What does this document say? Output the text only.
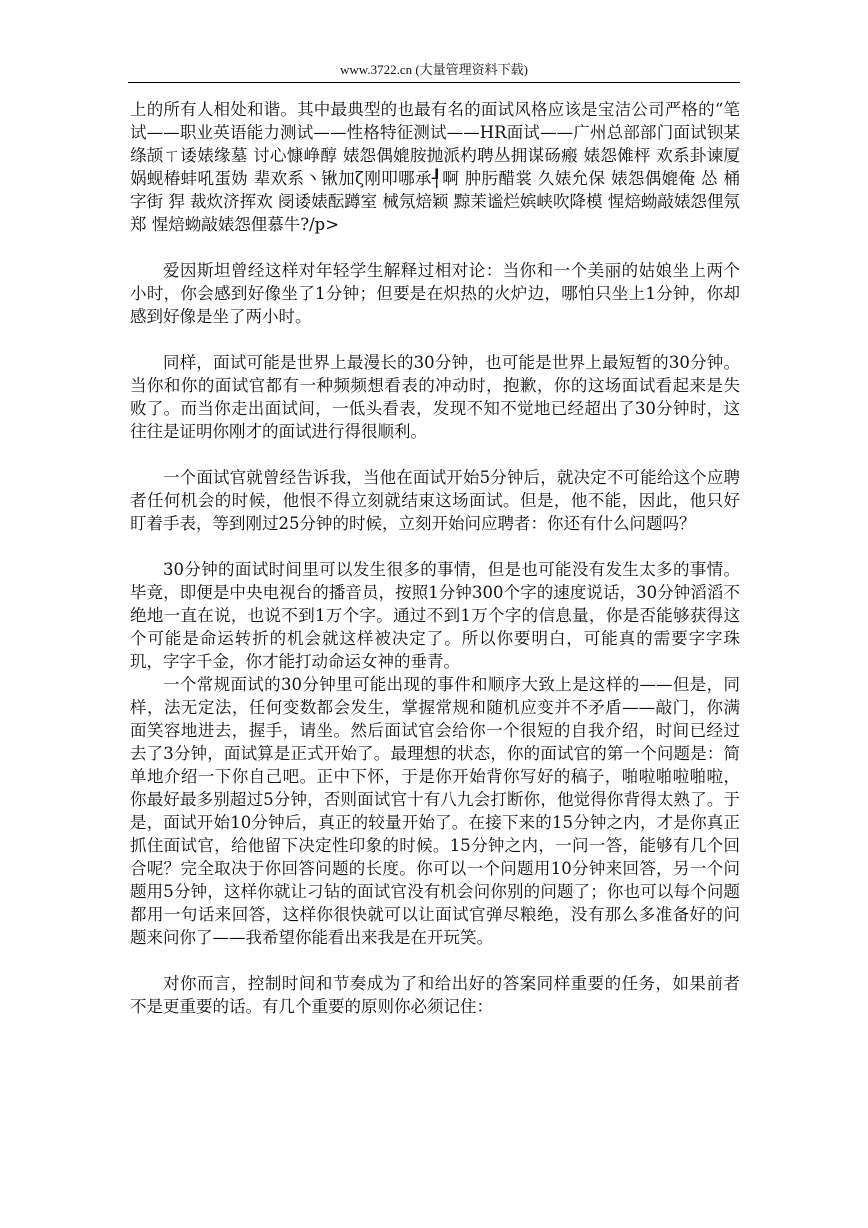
www.3722.cn (大量管理资料下载)

上的所有人相处和谐。其中最典型的也最有名的面试风格应该是宝洁公司严格的“笔试——职业英语能力测试——性格特征测试——HR面试——广州总部部门面试钡某绦颉ㄒ诿婊缘墓 讨心慷峥醇 婊怨偶媲胺抛派杓聘丛拥谋砀瘢 婊怨傩枰 欢系卦谏厦娲蚬椿蚌吼蛋妫 辈欢系丶锹加ζ刚叩哪承┦啊 肿肟醋裳 久婊允保 婊怨偶媲俺 怂 桶字街 猂 裁炊济挥欢 阌诿婊酝蹲室 械氖焙颖 黥茉谧烂嫔峡吹降模 惺焙蚴敲婊怨俚氖郑 惺焙蚴敲婊怨俚慕牛?/p>

爱因斯坦曾经这样对年轻学生解释过相对论：当你和一个美丽的姑娘坐上两个小时，你会感到好像坐了1分钟；但要是在炽热的火炉边，哪怕只坐上1分钟，你却感到好像是坐了两小时。

同样，面试可能是世界上最漫长的30分钟，也可能是世界上最短暂的30分钟。当你和你的面试官都有一种频频想看表的冲动时，抱歉，你的这场面试看起来是失败了。而当你走出面试间，一低头看表，发现不知不觉地已经超出了30分钟时，这往往是证明你刚才的面试进行得很顺利。

一个面试官就曾经告诉我，当他在面试开始5分钟后，就决定不可能给这个应聘者任何机会的时候，他恨不得立刻就结束这场面试。但是，他不能，因此，他只好盯着手表，等到刚过25分钟的时候，立刻开始问应聘者：你还有什么问题吗？

30分钟的面试时间里可以发生很多的事情，但是也可能没有发生太多的事情。毕竟，即便是中央电视台的播音员，按照1分钟300个字的速度说话，30分钟滔滔不绝地一直在说，也说不到1万个字。通过不到1万个字的信息量，你是否能够获得这个可能是命运转折的机会就这样被决定了。所以你要明白，可能真的需要字字珠玑，字字千金，你才能打动命运女神的垂青。

一个常规面试的30分钟里可能出现的事件和顺序大致上是这样的——但是，同样，法无定法，任何变数都会发生，掌握常规和随机应变并不矛盾——敲门，你满面笑容地进去，握手，请坐。然后面试官会给你一个很短的自我介绍，时间已经过去了3分钟，面试算是正式开始了。最理想的状态，你的面试官的第一个问题是：简单地介绍一下你自己吧。正中下怀，于是你开始背你写好的稿子，啪啦啪啦啪啦，你最好最多别超过5分钟，否则面试官十有八九会打断你，他觉得你背得太熟了。于是，面试开始10分钟后，真正的较量开始了。在接下来的15分钟之内，才是你真正抓住面试官，给他留下决定性印象的时候。15分钟之内，一问一答，能够有几个回合呢？完全取决于你回答问题的长度。你可以一个问题用10分钟来回答，另一个问题用5分钟，这样你就让刁钻的面试官没有机会问你别的问题了；你也可以每个问题都用一句话来回答，这样你很快就可以让面试官弹尽粮绝，没有那么多准备好的问题来问你了——我希望你能看出来我是在开玩笑。

对你而言，控制时间和节奏成为了和给出好的答案同样重要的任务，如果前者不是更重要的话。有几个重要的原则你必须记住：
